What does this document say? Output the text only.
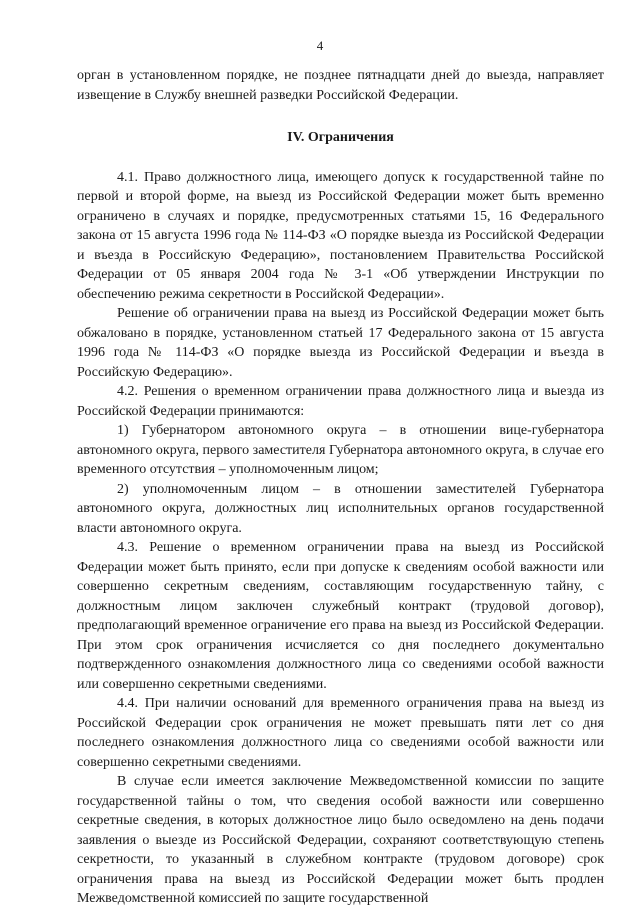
4

орган в установленном порядке, не позднее пятнадцати дней до выезда, направляет извещение в Службу внешней разведки Российской Федерации.

IV. Ограничения

4.1. Право должностного лица, имеющего допуск к государственной тайне по первой и второй форме, на выезд из Российской Федерации может быть временно ограничено в случаях и порядке, предусмотренных статьями 15, 16 Федерального закона от 15 августа 1996 года № 114-ФЗ «О порядке выезда из Российской Федерации и въезда в Российскую Федерацию», постановлением Правительства Российской Федерации от 05 января 2004 года № 3-1 «Об утверждении Инструкции по обеспечению режима секретности в Российской Федерации».

Решение об ограничении права на выезд из Российской Федерации может быть обжаловано в порядке, установленном статьей 17 Федерального закона от 15 августа 1996 года № 114-ФЗ «О порядке выезда из Российской Федерации и въезда в Российскую Федерацию».

4.2. Решения о временном ограничении права должностного лица и выезда из Российской Федерации принимаются:

1) Губернатором автономного округа – в отношении вице-губернатора автономного округа, первого заместителя Губернатора автономного округа, в случае его временного отсутствия – уполномоченным лицом;

2) уполномоченным лицом – в отношении заместителей Губернатора автономного округа, должностных лиц исполнительных органов государственной власти автономного округа.

4.3. Решение о временном ограничении права на выезд из Российской Федерации может быть принято, если при допуске к сведениям особой важности или совершенно секретным сведениям, составляющим государственную тайну, с должностным лицом заключен служебный контракт (трудовой договор), предполагающий временное ограничение его права на выезд из Российской Федерации. При этом срок ограничения исчисляется со дня последнего документально подтвержденного ознакомления должностного лица со сведениями особой важности или совершенно секретными сведениями.

4.4. При наличии оснований для временного ограничения права на выезд из Российской Федерации срок ограничения не может превышать пяти лет со дня последнего ознакомления должностного лица со сведениями особой важности или совершенно секретными сведениями.

В случае если имеется заключение Межведомственной комиссии по защите государственной тайны о том, что сведения особой важности или совершенно секретные сведения, в которых должностное лицо было осведомлено на день подачи заявления о выезде из Российской Федерации, сохраняют соответствующую степень секретности, то указанный в служебном контракте (трудовом договоре) срок ограничения права на выезд из Российской Федерации может быть продлен Межведомственной комиссией по защите государственной
